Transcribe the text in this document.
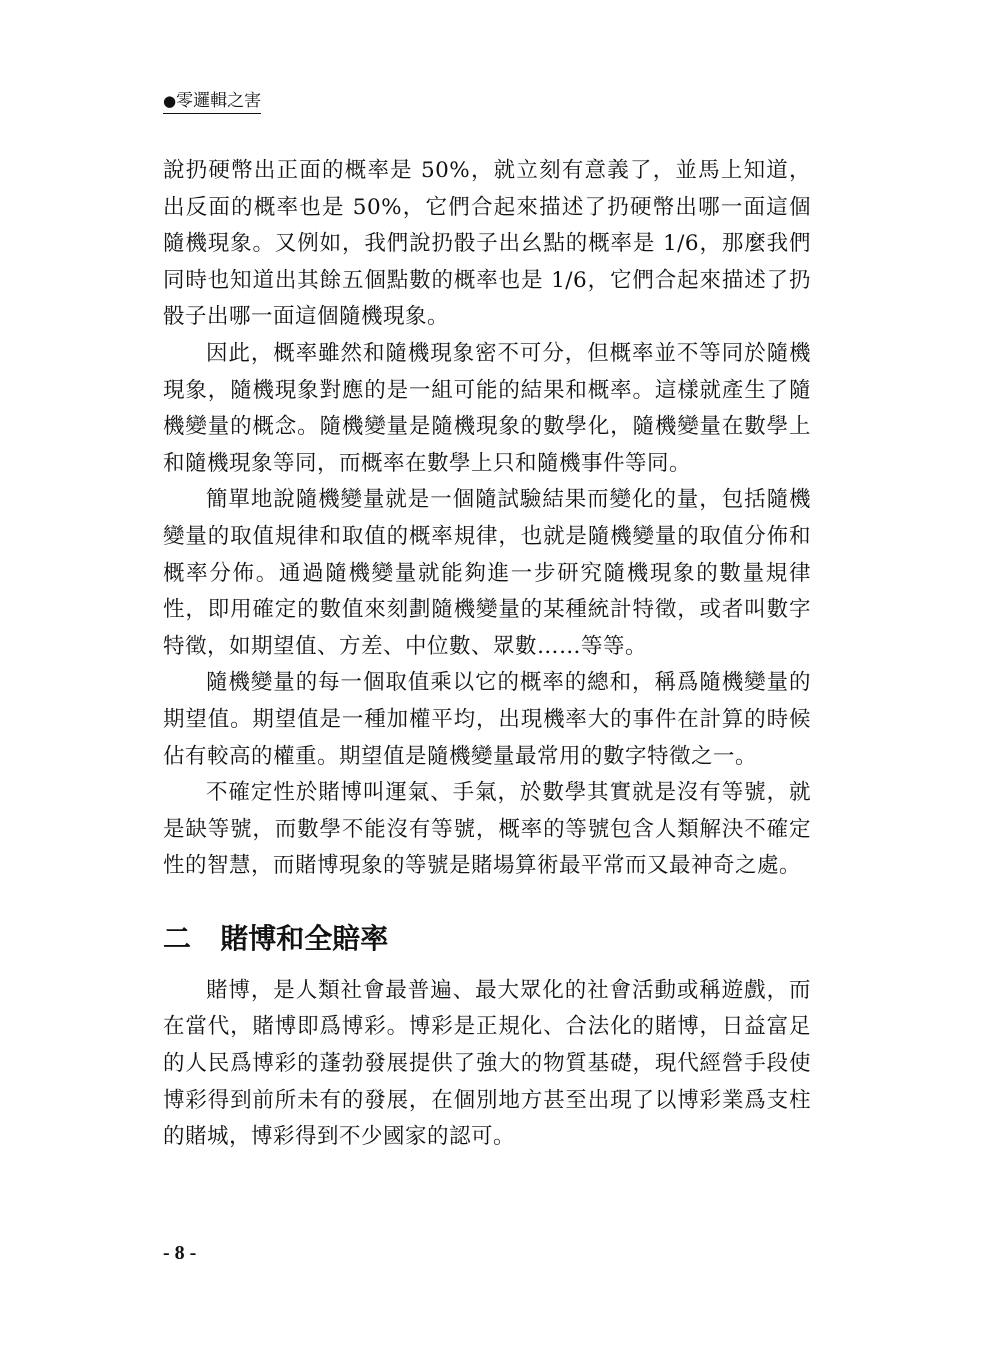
●零邏輯之害

說扔硬幣出正面的概率是 50%，就立刻有意義了，並馬上知道，出反面的概率也是 50%，它們合起來描述了扔硬幣出哪一面這個隨機現象。又例如，我們說扔骰子出幺點的概率是 1/6，那麼我們同時也知道出其餘五個點數的概率也是 1/6，它們合起來描述了扔骰子出哪一面這個隨機現象。

因此，概率雖然和隨機現象密不可分，但概率並不等同於隨機現象，隨機現象對應的是一組可能的結果和概率。這樣就產生了隨機變量的概念。隨機變量是隨機現象的數學化，隨機變量在數學上和隨機現象等同，而概率在數學上只和隨機事件等同。

簡單地說隨機變量就是一個隨試驗結果而變化的量，包括隨機變量的取值規律和取值的概率規律，也就是隨機變量的取值分佈和概率分佈。通過隨機變量就能夠進一步研究隨機現象的數量規律性，即用確定的數值來刻劃隨機變量的某種統計特徵，或者叫數字特徵，如期望值、方差、中位數、眾數……等等。

隨機變量的每一個取值乘以它的概率的總和，稱爲隨機變量的期望值。期望值是一種加權平均，出現機率大的事件在計算的時候佔有較高的權重。期望值是隨機變量最常用的數字特徵之一。

不確定性於賭博叫運氣、手氣，於數學其實就是沒有等號，就是缺等號，而數學不能沒有等號，概率的等號包含人類解決不確定性的智慧，而賭博現象的等號是賭場算術最平常而又最神奇之處。

二 賭博和全賠率

賭博，是人類社會最普遍、最大眾化的社會活動或稱遊戲，而在當代，賭博即爲博彩。博彩是正規化、合法化的賭博，日益富足的人民爲博彩的蓬勃發展提供了強大的物質基礎，現代經營手段使博彩得到前所未有的發展，在個別地方甚至出現了以博彩業爲支柱的賭城，博彩得到不少國家的認可。

- 8 -
